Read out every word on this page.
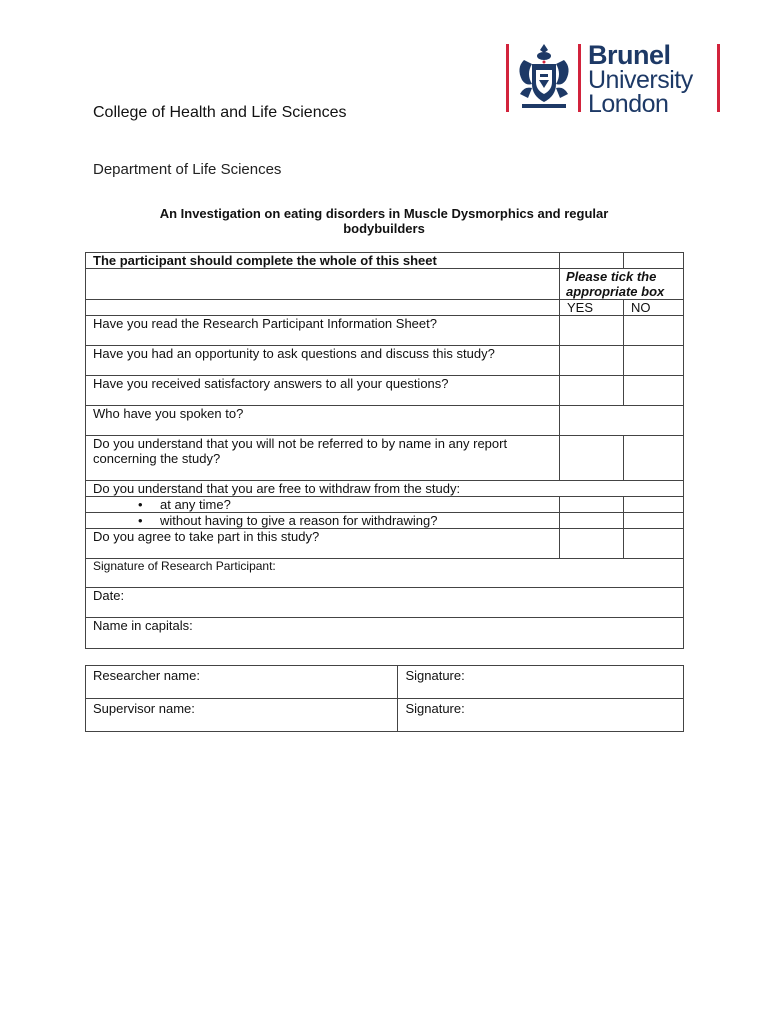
Brunel
University
London
College of Health and Life Sciences
Department of Life Sciences
An Investigation on eating disorders in Muscle Dysmorphics and regular bodybuilders
The participant should complete the whole of this sheet		
	Please tick the appropriate box	
	YES	NO
Have you read the Research Participant Information Sheet?		
Have you had an opportunity to ask questions and discuss this study?		
Have you received satisfactory answers to all your questions?		
Who have you spoken to?		
Do you understand that you will not be referred to by name in any report concerning the study?		
Do you understand that you are free to withdraw from the study:		
• at any time?		
• without having to give a reason for withdrawing?		
Do you agree to take part in this study?		
Signature of Research Participant:		
Date:		
Name in capitals:		
Researcher name:	Signature:
Supervisor name:	Signature:
